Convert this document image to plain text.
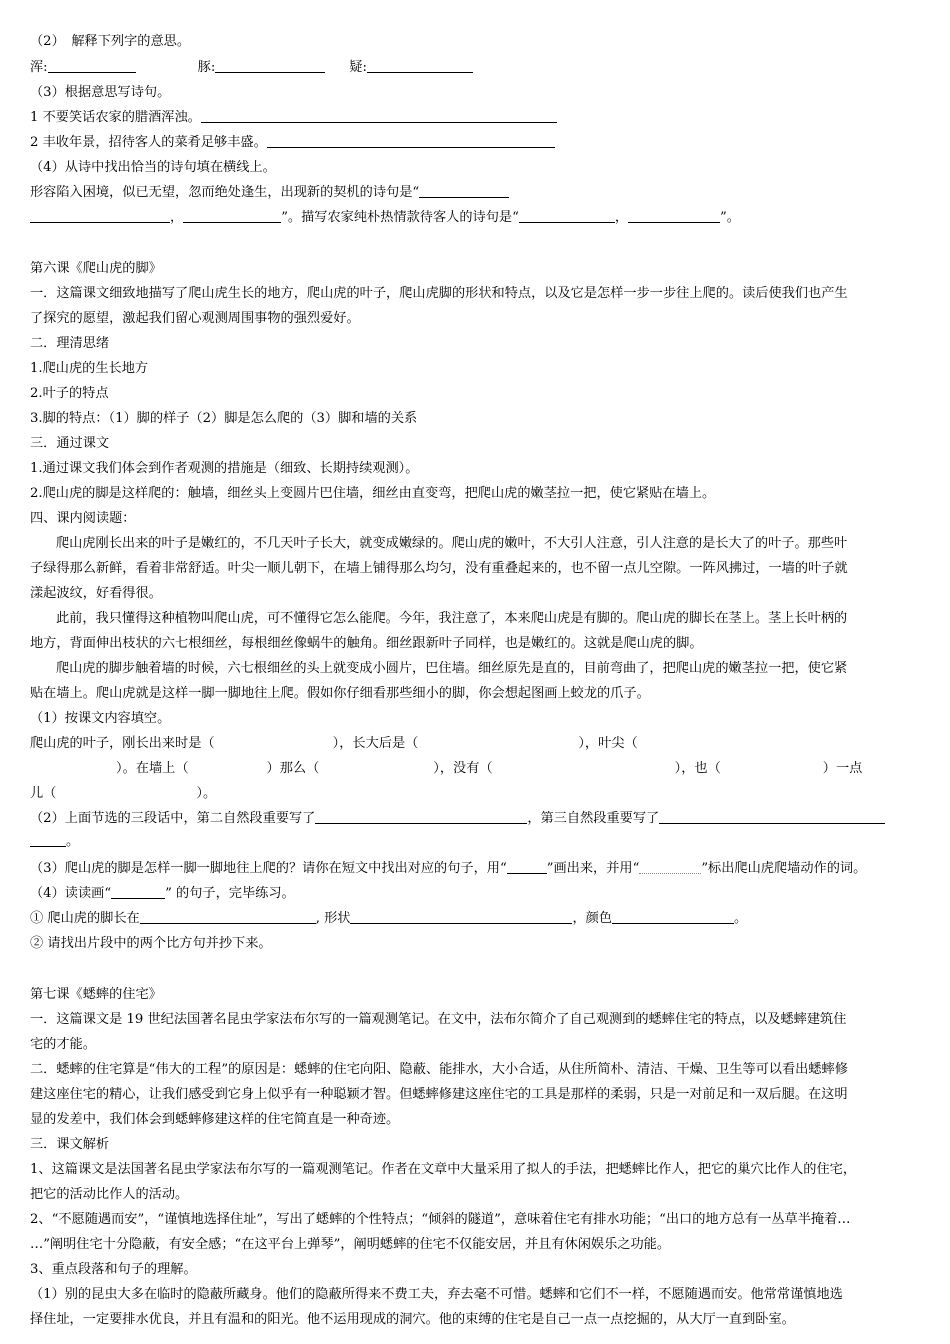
（2）　解释下列字的意思。
浑:	豚:	疑:
（3）根据意思写诗句。
1 不要笑话农家的腊酒浑浊。
2 丰收年景，招待客人的菜肴足够丰盛。
（4）从诗中找出恰当的诗句填在横线上。
形容陷入困境，似已无望，忽而绝处逢生，出现新的契机的诗句是“
，	”。描写农家纯朴热情款待客人的诗句是“	，	”。
第六课《爬山虎的脚》
一．这篇课文细致地描写了爬山虎生长的地方，爬山虎的叶子，爬山虎脚的形状和特点，以及它是怎样一步一步往上爬的。读后使我们也产生
了探究的愿望，激起我们留心观测周围事物的强烈爱好。
二．理清思绪
1.爬山虎的生长地方
2.叶子的特点
3.脚的特点：（1）脚的样子（2）脚是怎么爬的（3）脚和墙的关系
三．通过课文
1.通过课文我们体会到作者观测的措施是（细致、长期持续观测）。
2.爬山虎的脚是这样爬的：触墙，细丝头上变圆片巴住墙，细丝由直变弯，把爬山虎的嫩茎拉一把，使它紧贴在墙上。
四、课内阅读题：
爬山虎刚长出来的叶子是嫩红的，不几天叶子长大，就变成嫩绿的。爬山虎的嫩叶，不大引人注意，引人注意的是长大了的叶子。那些叶
子绿得那么新鲜，看着非常舒适。叶尖一顺儿朝下，在墙上铺得那么均匀，没有重叠起来的，也不留一点儿空隙。一阵风拂过，一墙的叶子就
漾起波纹，好看得很。
此前，我只懂得这种植物叫爬山虎，可不懂得它怎么能爬。今年，我注意了，本来爬山虎是有脚的。爬山虎的脚长在茎上。茎上长叶柄的
地方，背面伸出枝状的六七根细丝，每根细丝像蜗牛的触角。细丝跟新叶子同样，也是嫩红的。这就是爬山虎的脚。
爬山虎的脚步触着墙的时候，六七根细丝的头上就变成小圆片，巴住墙。细丝原先是直的，目前弯曲了，把爬山虎的嫩茎拉一把，使它紧
贴在墙上。爬山虎就是这样一脚一脚地往上爬。假如你仔细看那些细小的脚，你会想起图画上蛟龙的爪子。
（1）按课文内容填空。
爬山虎的叶子，刚长出来时是（	），长大后是（	），叶尖（
）。在墙上（	）那么（	），没有（	），也（	）一点
儿（	）。
（2）上面节选的三段话中，第二自然段重要写了	，第三自然段重要写了
。
（3）爬山虎的脚是怎样一脚一脚地往上爬的？请你在短文中找出对应的句子，用“	”画出来，并用“	”标出爬山虎爬墙动作的词。
（4）读读画“	” 的句子，完毕练习。
① 爬山虎的脚长在	, 形状	，颜色	。
② 请找出片段中的两个比方句并抄下来。
第七课《蟋蟀的住宅》
一．这篇课文是 19 世纪法国著名昆虫学家法布尔写的一篇观测笔记。在文中，法布尔简介了自己观测到的蟋蟀住宅的特点，以及蟋蟀建筑住
宅的才能。
二．蟋蟀的住宅算是“伟大的工程”的原因是：蟋蟀的住宅向阳、隐蔽、能排水，大小合适，从住所简朴、清洁、干燥、卫生等可以看出蟋蟀修
建这座住宅的精心，让我们感受到它身上似乎有一种聪颖才智。但蟋蟀修建这座住宅的工具是那样的柔弱，只是一对前足和一双后腿。在这明
显的发差中，我们体会到蟋蟀修建这样的住宅简直是一种奇迹。
三．课文解析
1、这篇课文是法国著名昆虫学家法布尔写的一篇观测笔记。作者在文章中大量采用了拟人的手法，把蟋蟀比作人，把它的巢穴比作人的住宅，
把它的活动比作人的活动。
2、“不愿随遇而安”，“谨慎地选择住址”，写出了蟋蟀的个性特点；“倾斜的隧道”，意味着住宅有排水功能；“出口的地方总有一丛草半掩着…
…”阐明住宅十分隐蔽，有安全感；“在这平台上弹琴”，阐明蟋蟀的住宅不仅能安居，并且有休闲娱乐之功能。
3、重点段落和句子的理解。
（1）别的昆虫大多在临时的隐蔽所藏身。他们的隐蔽所得来不费工夫，弃去毫不可惜。蟋蟀和它们不一样，不愿随遇而安。他常常谨慎地选
择住址，一定要排水优良，并且有温和的阳光。他不运用现成的洞穴。他的束缚的住宅是自己一点一点挖掘的，从大厅一直到卧室。
